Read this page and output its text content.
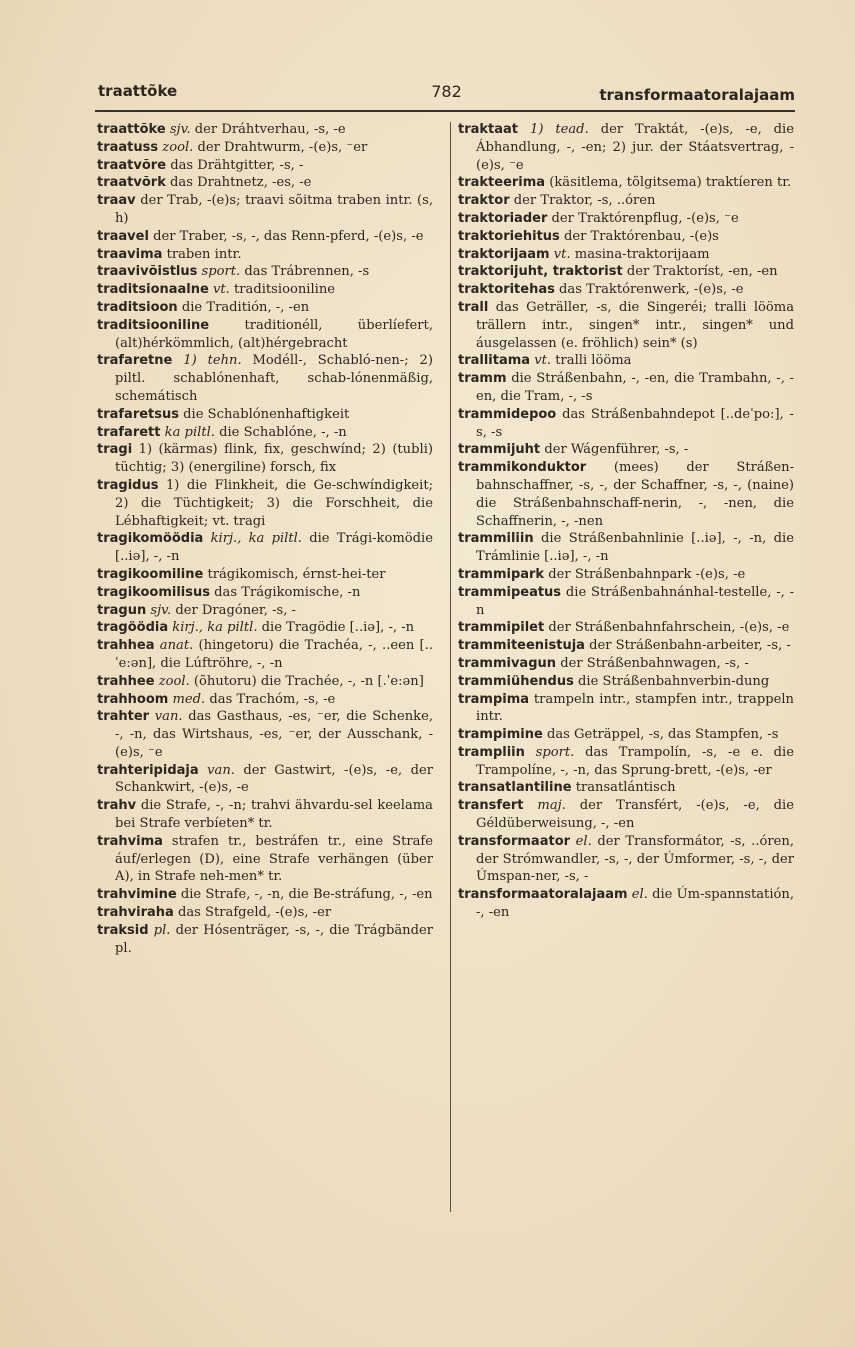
traattõke	782	transformaatoralajaam

traattõke sjv. der Dráhtverhau, -s, -e

traatuss zool. der Drahtwurm, -(e)s, ⁻er

traatvõre das Drähtgitter, -s, -

traatvõrk das Drahtnetz, -es, -e

traav der Trab, -(e)s; traavi sõitma traben intr. (s, h)

traavel der Traber, -s, -, das Renn-pferd, -(e)s, -e

traavima traben intr.

traavivõistlus sport. das Trábrennen, -s

traditsionaalne vt. traditsiooniline

traditsioon die Traditión, -, -en

traditsiooniline	traditionéll, überlíefert, (alt)hérkömmlich, (alt)hérgebracht

trafaretne 1) tehn. Modéll-, Schabló-nen-; 2) piltl. schablónenhaft, schab-lónenmäßig, schemátisch

trafaretsus die Schablónenhaftigkeit

trafarett ka piltl. die Schablóne, -, -n

tragi 1) (kärmas) flink, fix, geschwínd; 2) (tubli) tüchtig; 3) (energiline) forsch, fix

tragidus 1) die Flinkheit, die Ge-schwíndigkeit; 2) die Tüchtigkeit; 3) die Forschheit, die Lébhaftigkeit; vt. tragi

tragikomöödia kirj., ka piltl. die Trági-komödie [..iə], -, -n

tragikoomiline trágikomisch, érnst-hei-ter

tragikoomilisus das Trágikomische, -n

tragun sjv. der Dragóner, -s, -

tragöödia kirj., ka piltl. die Tragödie [..iə], -, -n

trahhea anat. (hingetoru) die Trachéa, -, ..een [..ˈe:ən], die Lúftröhre, -, -n

trahhee zool. (õhutoru) die Trachée, -, -n [.ˈe:ən]

trahhoom med. das Trachóm, -s, -e

trahter van. das Gasthaus, -es, ⁻er, die Schenke, -, -n, das Wirtshaus, -es, ⁻er, der Ausschank, -(e)s, ⁻e

trahteripidaja van. der Gastwirt, -(e)s, -e, der Schankwirt, -(e)s, -e

trahv die Strafe, -, -n; trahvi ähvardu-sel keelama bei Strafe verbíeten* tr.

trahvima strafen tr., bestráfen tr., eine Strafe áuf/erlegen (D), eine Strafe verhängen (über A), in Strafe neh-men* tr.

trahvimine die Strafe, -, -n, die Be-stráfung, -, -en

trahviraha das Strafgeld, -(e)s, -er

traksid pl. der Hósenträger, -s, -, die Trágbänder pl.

traktaat 1) tead. der Traktát, -(e)s, -e, die Ábhandlung, -, -en; 2) jur. der Stáatsvertrag, -(e)s, ⁻e

trakteerima (käsitlema, tõlgitsema) traktíeren tr.

traktor der Traktor, -s, ..óren

traktoriader der Traktórenpflug, -(e)s, ⁻e

traktoriehitus der Traktórenbau, -(e)s

traktorijaam vt. masina-traktorijaam

traktorijuht, traktorist der Traktoríst, -en, -en

traktoritehas das Traktórenwerk, -(e)s, -e

trall das Geträller, -s, die Singeréi; tralli lööma trällern intr., singen* intr., singen* und áusgelassen (e. fröhlich) sein* (s)

trallitama vt. tralli lööma

tramm die Stráßenbahn, -, -en, die Trambahn, -, -en, die Tram, -, -s

trammidepoo das Stráßenbahndepot [..deˈpo:], -s, -s

trammijuht der Wágenführer, -s, -

trammikonduktor (mees) der Stráßen-bahnschaffner, -s, -, der Schaffner, -s, -, (naine) die Stráßenbahnschaff-nerin, -, -nen, die Schaffnerin, -, -nen

trammiliin die Stráßenbahnlinie [..iə], -, -n, die Trámlinie [..iə], -, -n

trammipark der Stráßenbahnpark -(e)s, -e

trammipeatus die Stráßenbahnánhal-testelle, -, -n

trammipilet der Stráßenbahnfahrschein, -(e)s, -e

trammiteenistuja der Stráßenbahn-arbeiter, -s, -

trammivagun der Stráßenbahnwagen, -s, -

trammiühendus die Stráßenbahnverbin-dung

trampima trampeln intr., stampfen intr., trappeln intr.

trampimine das Geträppel, -s, das Stampfen, -s

trampliin sport. das Trampolín, -s, -e e. die Trampolíne, -, -n, das Sprung-brett, -(e)s, -er

transatlantiline transatlántisch

transfert maj. der Transfért, -(e)s, -e, die Géldüberweisung, -, -en

transformaator el. der Transformátor, -s, ..óren, der Strómwandler, -s, -, der Úmformer, -s, -, der Úmspan-ner, -s, -

transformaatoralajaam el. die Úm-spannstatión, -, -en
